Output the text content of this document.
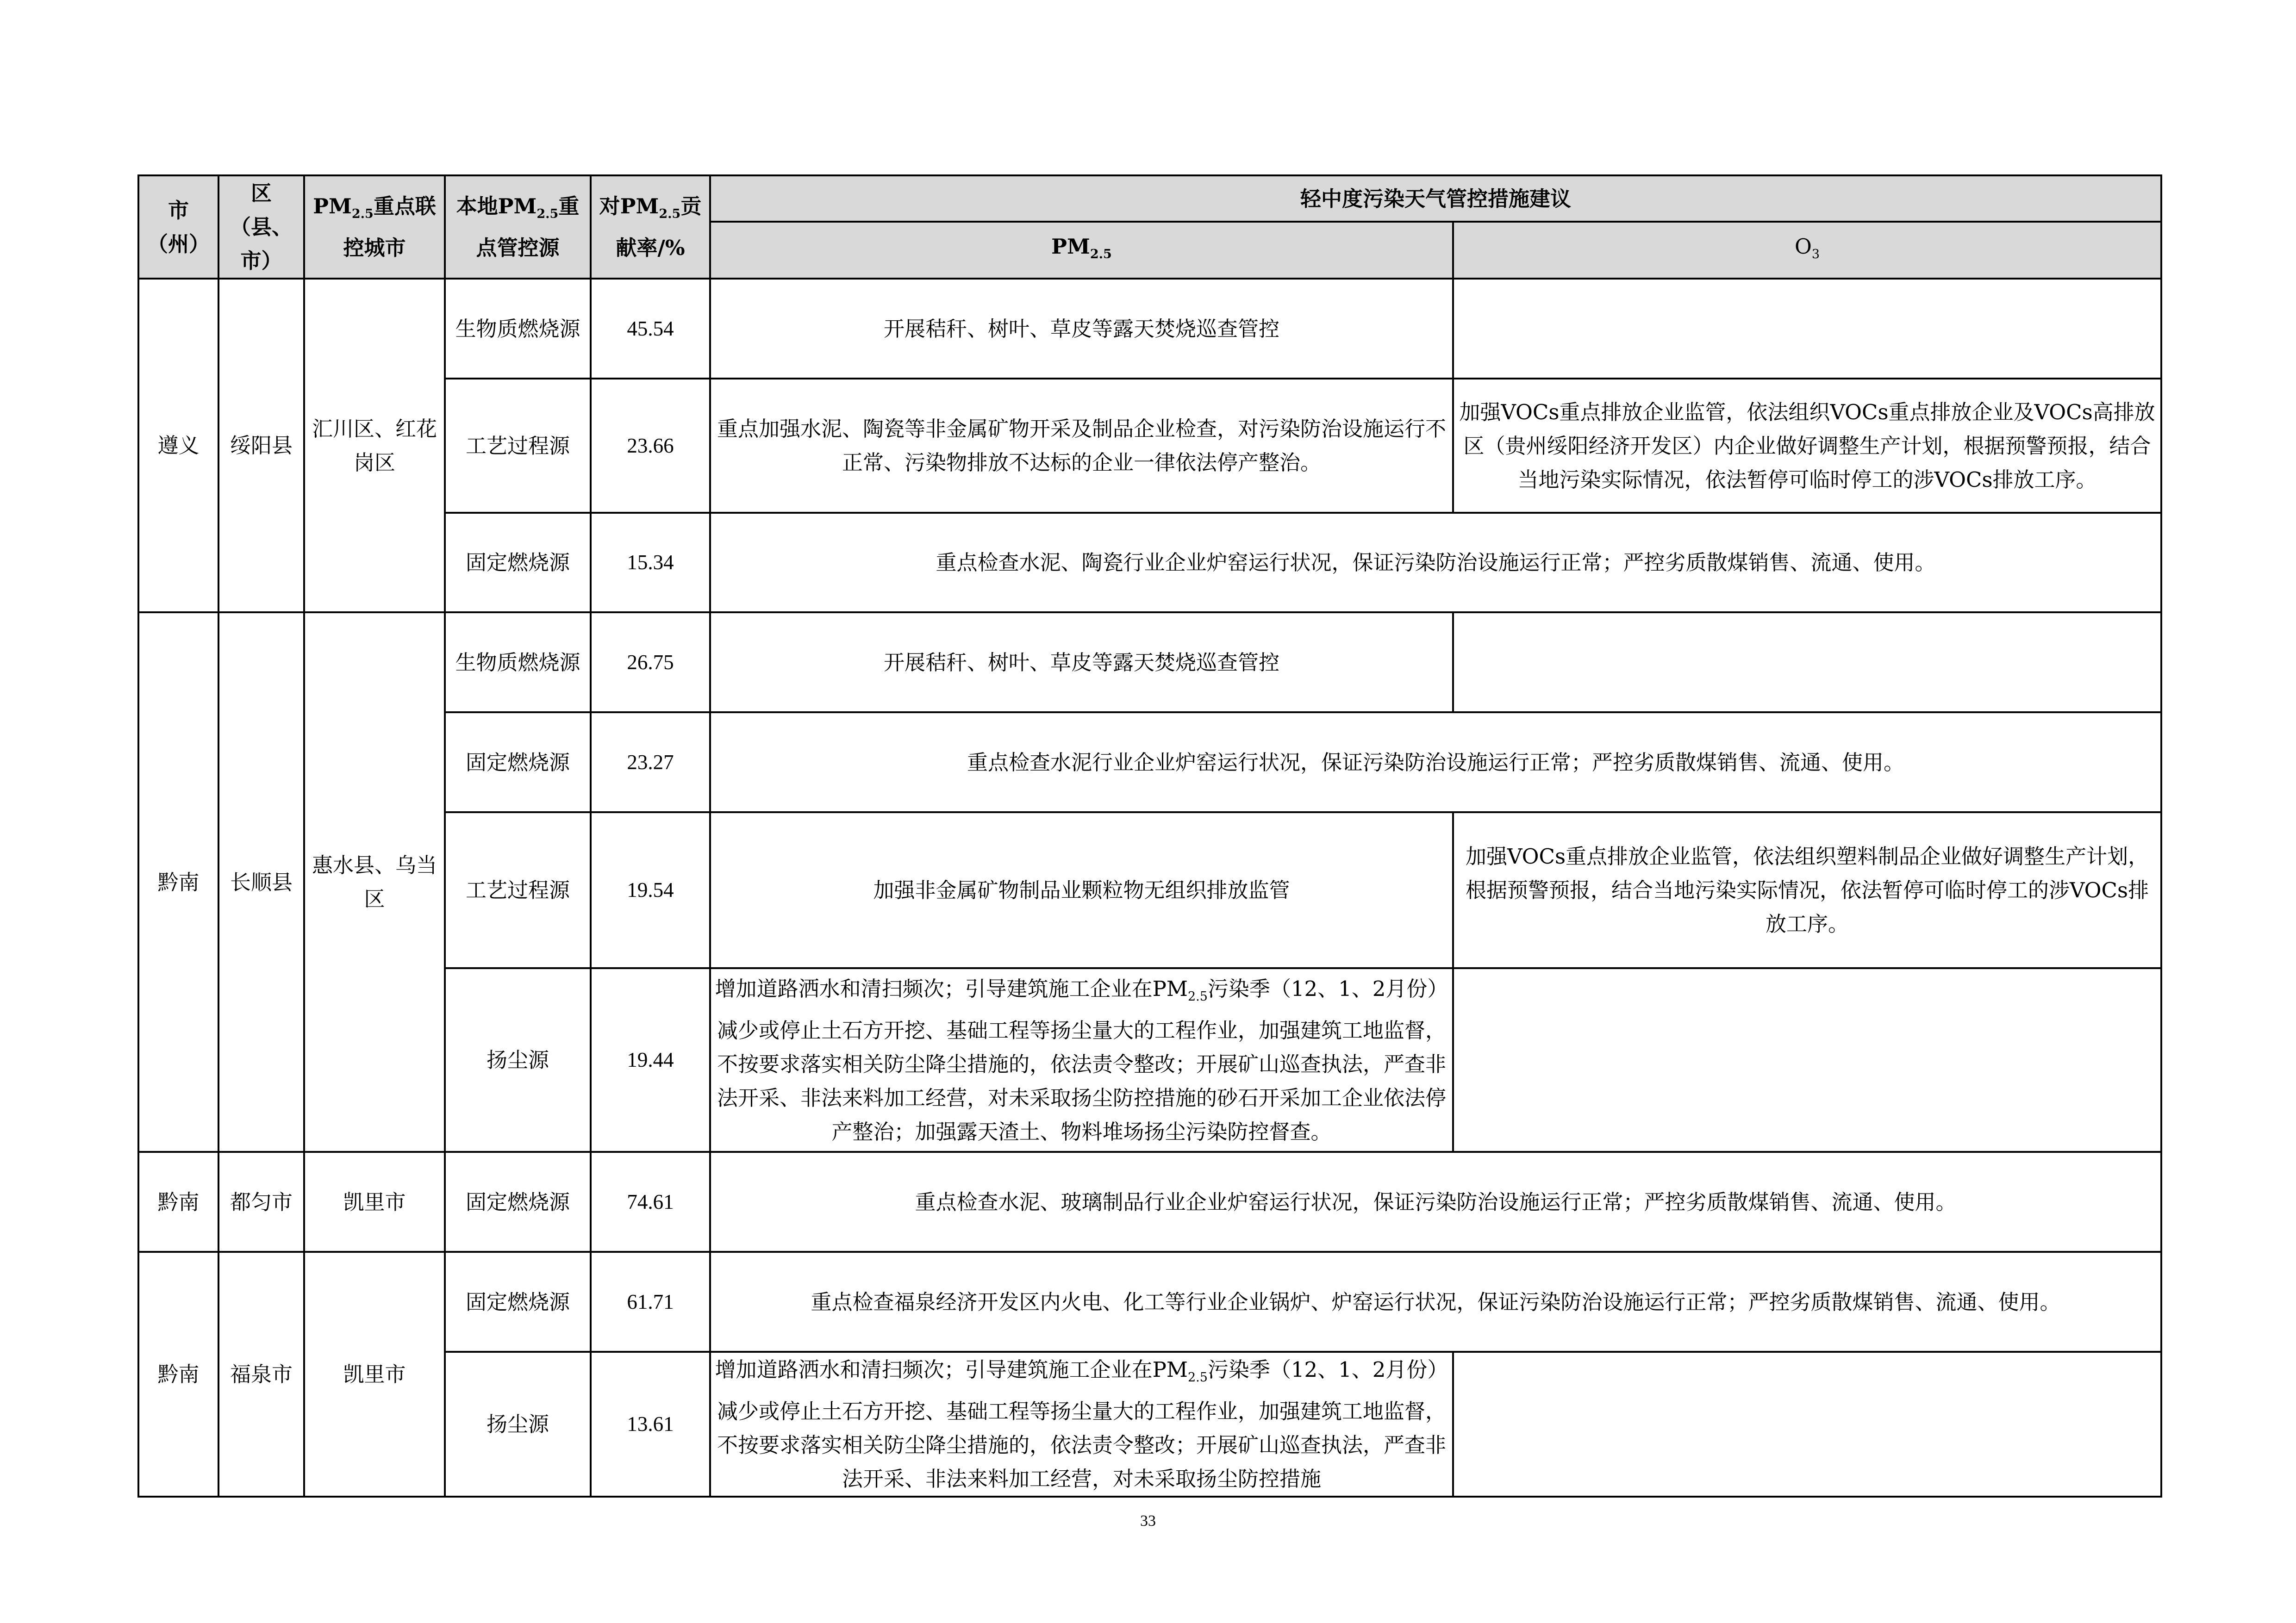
市（州）	区（县、市）	$PM_{2.5}$重点联控城市	本地$PM_{2.5}$重点管控源	对$PM_{2.5}$贡献率/%	轻中度污染天气管控措施建议	
					$PM_{2.5}$	$O_3$
遵义	绥阳县	汇川区、红花岗区	生物质燃烧源	45.54	开展秸秆、树叶、草皮等露天焚烧巡查管控	
			工艺过程源	23.66	重点加强水泥、陶瓷等非金属矿物开采及制品企业检查，对污染防治设施运行不正常、污染物排放不达标的企业一律依法停产整治。	加强VOCs重点排放企业监管，依法组织VOCs重点排放企业及VOCs高排放区（贵州绥阳经济开发区）内企业做好调整生产计划，根据预警预报，结合当地污染实际情况，依法暂停可临时停工的涉VOCs排放工序。
			固定燃烧源	15.34	重点检查水泥、陶瓷行业企业炉窑运行状况，保证污染防治设施运行正常；严控劣质散煤销售、流通、使用。	
黔南	长顺县	惠水县、乌当区	生物质燃烧源	26.75	开展秸秆、树叶、草皮等露天焚烧巡查管控	
			固定燃烧源	23.27	重点检查水泥行业企业炉窑运行状况，保证污染防治设施运行正常；严控劣质散煤销售、流通、使用。	
			工艺过程源	19.54	加强非金属矿物制品业颗粒物无组织排放监管	加强VOCs重点排放企业监管，依法组织塑料制品企业做好调整生产计划，根据预警预报，结合当地污染实际情况，依法暂停可临时停工的涉VOCs排放工序。
			扬尘源	19.44	增加道路洒水和清扫频次；引导建筑施工企业在$PM_{2.5}$污染季（12、1、2月份）减少或停止土石方开挖、基础工程等扬尘量大的工程作业，加强建筑工地监督，不按要求落实相关防尘降尘措施的，依法责令整改；开展矿山巡查执法，严查非法开采、非法来料加工经营，对未采取扬尘防控措施的砂石开采加工企业依法停产整治；加强露天渣土、物料堆场扬尘污染防控督查。	
黔南	都匀市	凯里市	固定燃烧源	74.61	重点检查水泥、玻璃制品行业企业炉窑运行状况，保证污染防治设施运行正常；严控劣质散煤销售、流通、使用。	
黔南	福泉市	凯里市	固定燃烧源	61.71	重点检查福泉经济开发区内火电、化工等行业企业锅炉、炉窑运行状况，保证污染防治设施运行正常；严控劣质散煤销售、流通、使用。	
			扬尘源	13.61	增加道路洒水和清扫频次；引导建筑施工企业在$PM_{2.5}$污染季（12、1、2月份）减少或停止土石方开挖、基础工程等扬尘量大的工程作业，加强建筑工地监督，不按要求落实相关防尘降尘措施的，依法责令整改；开展矿山巡查执法，严查非法开采、非法来料加工经营，对未采取扬尘防控措施	
33
